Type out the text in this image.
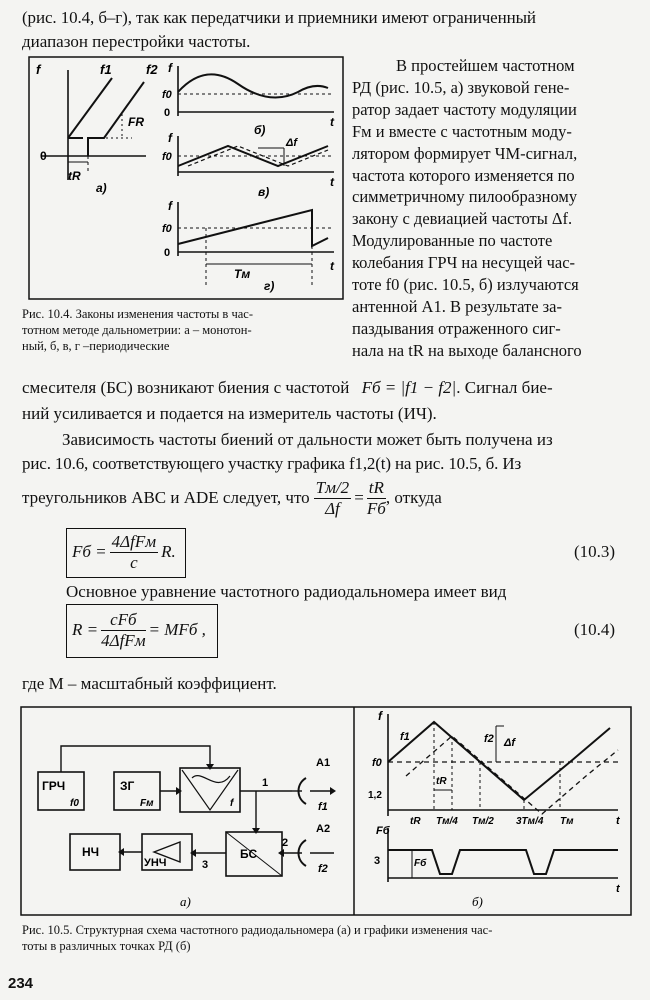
(рис. 10.4, б–г), так как передатчики и приемники имеют ограниченный
диапазон перестройки частоты.
f	f1	f2
FR
0
tR
а)
f
f0
0
t
б)
f
f0
Δf
t
в)
f
f0
0
Tм
t
г)
Рис. 10.4. Законы изменения частоты в час-
тотном методе дальнометрии: а – монотон-
ный, б, в, г –периодические
В простейшем частотном
РД (рис. 10.5, а) звуковой гене-
ратор задает частоту модуляции
Fм и вместе с частотным моду-
лятором формирует ЧМ-сигнал,
частота которого изменяется по
симметричному пилообразному
закону с девиацией частоты Δf.
Модулированные по частоте
колебания ГРЧ на несущей час-
тоте f0 (рис. 10.5, б) излучаются
антенной A1. В результате за-
паздывания отраженного сиг-
нала на tR на выходе балансного
смесителя (БС) возникают биения с частотой Fб = |f1 − f2|. Сигнал бие-
ний усиливается и подается на измеритель частоты (ИЧ).
Зависимость частоты биений от дальности может быть получена из
рис. 10.6, соответствующего участку графика f1,2(t) на рис. 10.5, б. Из
треугольников ABC и ADE следует, что $\frac{Tм/2}{\Delta f} = \frac{tR}{Fб}$ , откуда
Fб = $\frac{\text{4ΔfFм}}{c} R$.	(10.3)
Основное уравнение частотного радиодальномера имеет вид
$R = \frac{\text{cFб}}{\text{4ΔfFм}}$ = MFб ,	(10.4)
где M – масштабный коэффициент.
ГРЧ
f0
ЗГ
Fм	f
1
A1
f1
БС
2
A2
f2
УНЧ	3
НЧ
а)
f
f1	f2 Δf
f0
tR
1,2
t
tR Tм/4 Tм/2 3Tм/4 Tм
Fб
Fб
3
t
б)
Рис. 10.5. Структурная схема частотного радиодальномера (а) и графики изменения час-
тоты в различных точках РД (б)
234
